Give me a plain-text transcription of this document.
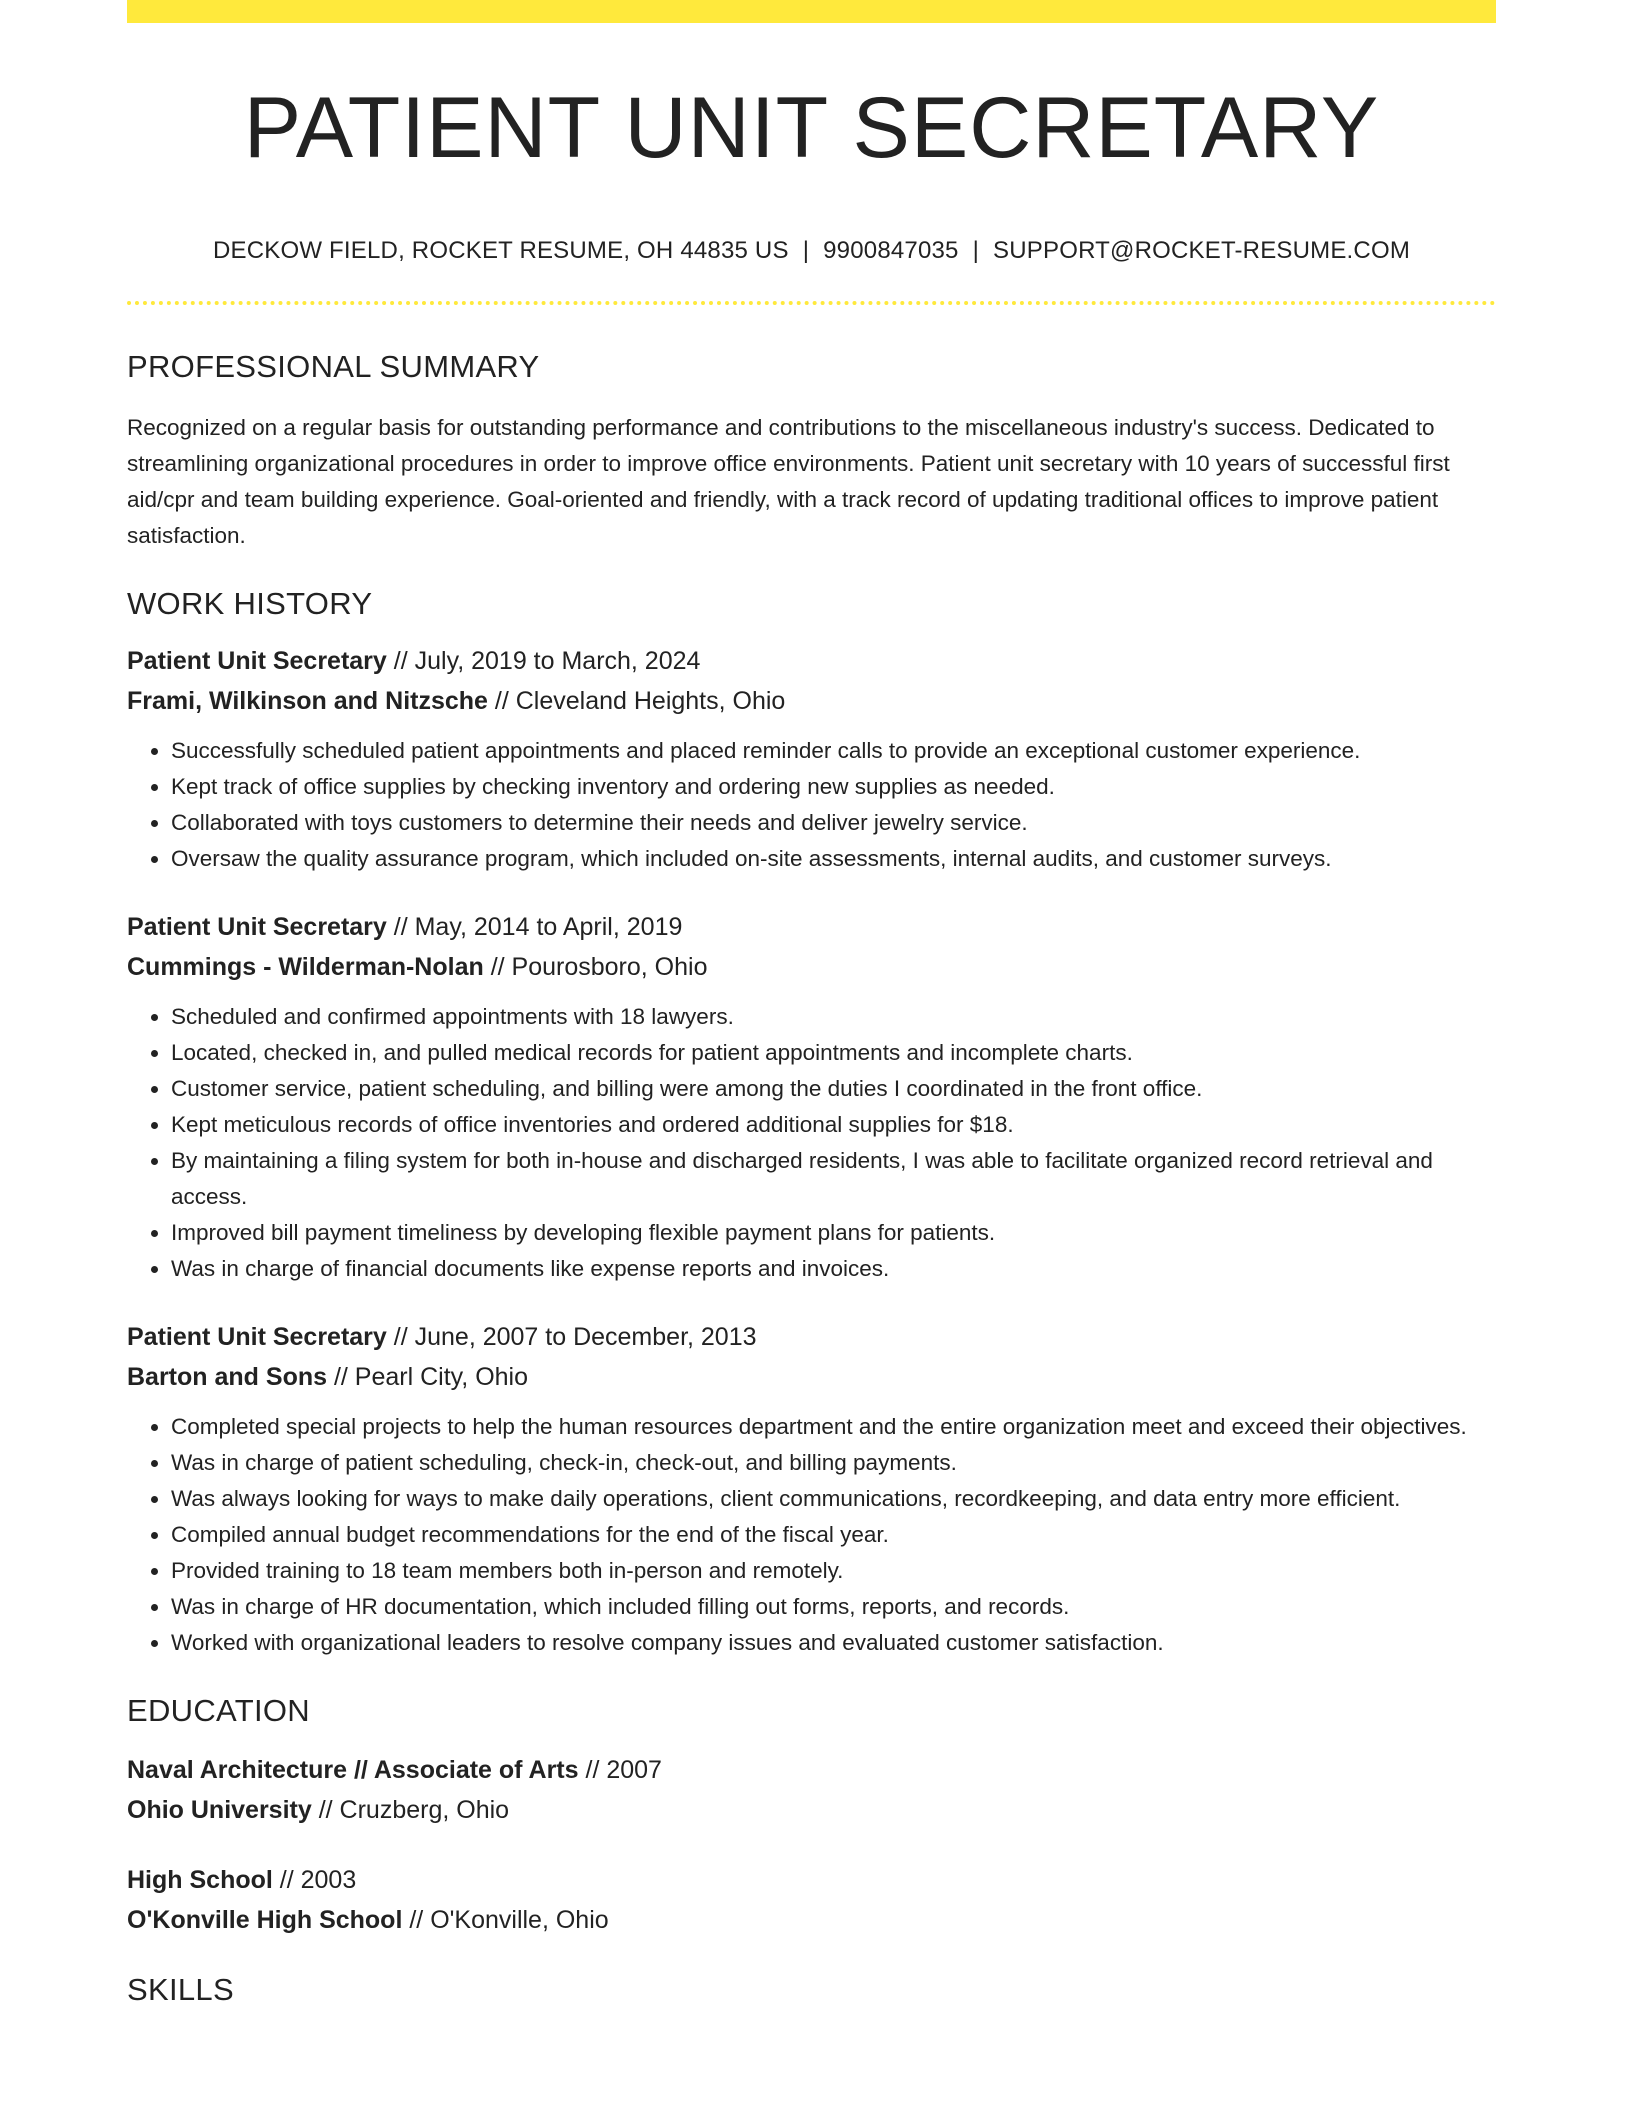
PATIENT UNIT SECRETARY
DECKOW FIELD, ROCKET RESUME, OH 44835 US | 9900847035 | SUPPORT@ROCKET-RESUME.COM
PROFESSIONAL SUMMARY
Recognized on a regular basis for outstanding performance and contributions to the miscellaneous industry's success. Dedicated to streamlining organizational procedures in order to improve office environments. Patient unit secretary with 10 years of successful first aid/cpr and team building experience. Goal-oriented and friendly, with a track record of updating traditional offices to improve patient satisfaction.
WORK HISTORY
Patient Unit Secretary // July, 2019 to March, 2024
Frami, Wilkinson and Nitzsche // Cleveland Heights, Ohio
• Successfully scheduled patient appointments and placed reminder calls to provide an exceptional customer experience.
• Kept track of office supplies by checking inventory and ordering new supplies as needed.
• Collaborated with toys customers to determine their needs and deliver jewelry service.
• Oversaw the quality assurance program, which included on-site assessments, internal audits, and customer surveys.
Patient Unit Secretary // May, 2014 to April, 2019
Cummings - Wilderman-Nolan // Pourosboro, Ohio
• Scheduled and confirmed appointments with 18 lawyers.
• Located, checked in, and pulled medical records for patient appointments and incomplete charts.
• Customer service, patient scheduling, and billing were among the duties I coordinated in the front office.
• Kept meticulous records of office inventories and ordered additional supplies for $18.
• By maintaining a filing system for both in-house and discharged residents, I was able to facilitate organized record retrieval and access.
• Improved bill payment timeliness by developing flexible payment plans for patients.
• Was in charge of financial documents like expense reports and invoices.
Patient Unit Secretary // June, 2007 to December, 2013
Barton and Sons // Pearl City, Ohio
• Completed special projects to help the human resources department and the entire organization meet and exceed their objectives.
• Was in charge of patient scheduling, check-in, check-out, and billing payments.
• Was always looking for ways to make daily operations, client communications, recordkeeping, and data entry more efficient.
• Compiled annual budget recommendations for the end of the fiscal year.
• Provided training to 18 team members both in-person and remotely.
• Was in charge of HR documentation, which included filling out forms, reports, and records.
• Worked with organizational leaders to resolve company issues and evaluated customer satisfaction.
EDUCATION
Naval Architecture // Associate of Arts // 2007
Ohio University // Cruzberg, Ohio
High School // 2003
O'Konville High School // O'Konville, Ohio
SKILLS
